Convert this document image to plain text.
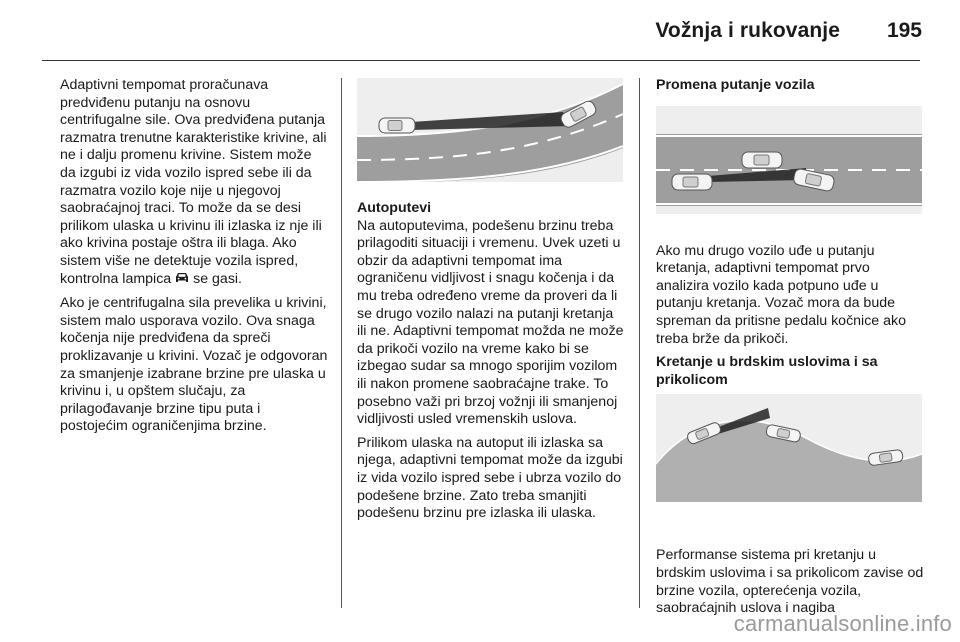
Vožnja i rukovanje 195

Adaptivni tempomat proračunava predviđenu putanju na osnovu centrifugalne sile. Ova predviđena putanja razmatra trenutne karakteristike krivine, ali ne i dalju promenu krivine. Sistem može da izgubi iz vida vozilo ispred sebe ili da razmatra vozilo koje nije u njegovoj saobraćajnoj traci. To može da se desi prilikom ulaska u krivinu ili izlaska iz nje ili ako krivina postaje oštra ili blaga. Ako sistem više ne detektuje vozila ispred, kontrolna lampica se gasi.

Ako je centrifugalna sila prevelika u krivini, sistem malo usporava vozilo. Ova snaga kočenja nije predviđena da spreči proklizavanje u krivini. Vozač je odgovoran za smanjenje izabrane brzine pre ulaska u krivinu i, u opštem slučaju, za prilagođavanje brzine tipu puta i postojećim ograničenjima brzine.

Autoputevi

Na autoputevima, podešenu brzinu treba prilagoditi situaciji i vremenu. Uvek uzeti u obzir da adaptivni tempomat ima ograničenu vidljivost i snagu kočenja i da mu treba određeno vreme da proveri da li se drugo vozilo nalazi na putanji kretanja ili ne. Adaptivni tempomat možda ne može da prikoči vozilo na vreme kako bi se izbegao sudar sa mnogo sporijim vozilom ili nakon promene saobraćajne trake. To posebno važi pri brzoj vožnji ili smanjenoj vidljivosti usled vremenskih uslova.

Prilikom ulaska na autoput ili izlaska sa njega, adaptivni tempomat može da izgubi iz vida vozilo ispred sebe i ubrza vozilo do podešene brzine. Zato treba smanjiti podešenu brzinu pre izlaska ili ulaska.

Promena putanje vozila

Ako mu drugo vozilo uđe u putanju kretanja, adaptivni tempomat prvo analizira vozilo kada potpuno uđe u putanju kretanja. Vozač mora da bude spreman da pritisne pedalu kočnice ako treba brže da prikoči.

Kretanje u brdskim uslovima i sa prikolicom

Performanse sistema pri kretanju u brdskim uslovima i sa prikolicom zavise od brzine vozila, opterećenja vozila, saobraćajnih uslova i nagiba

carmanualsonline.info
